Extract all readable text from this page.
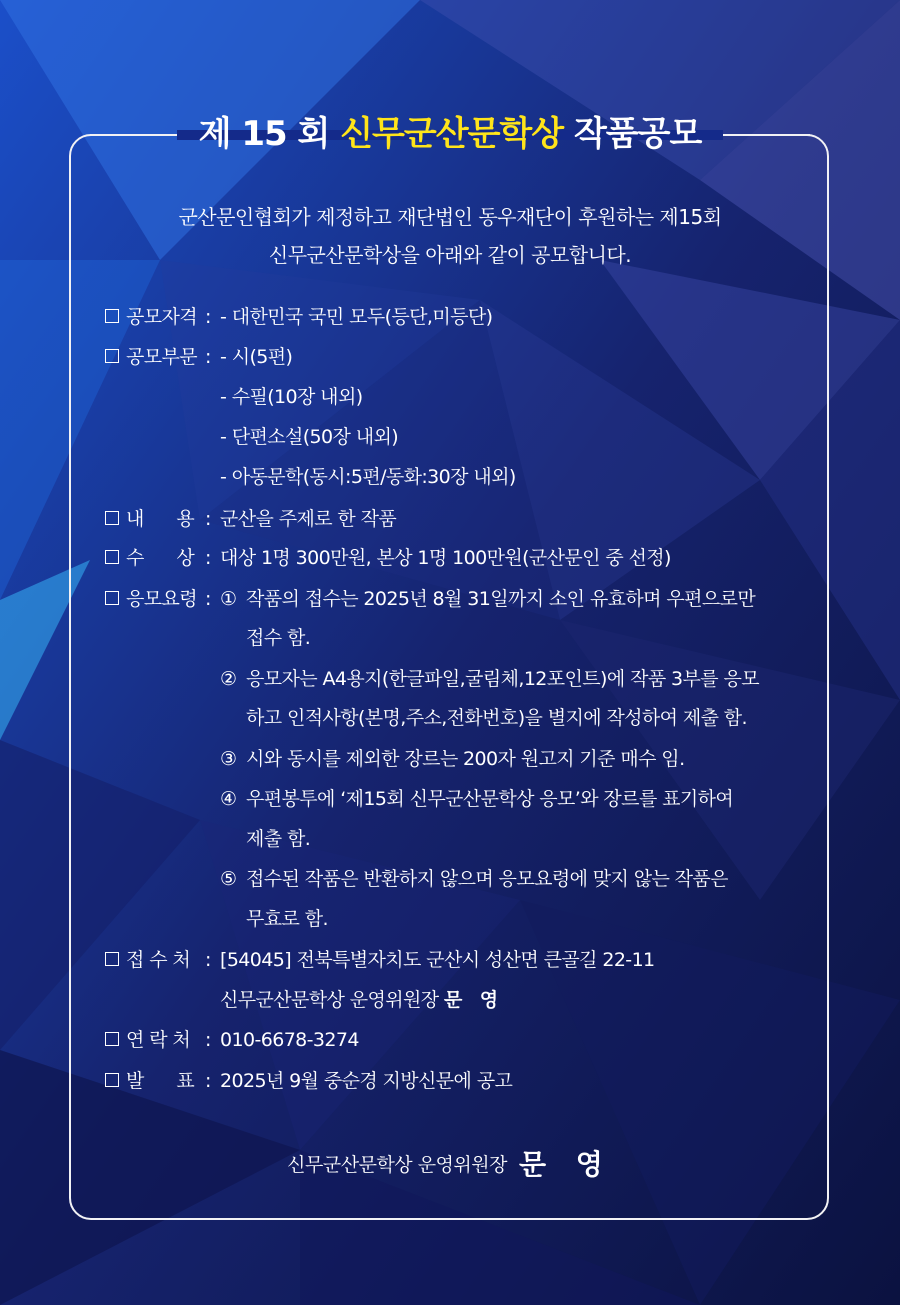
제 15 회 신무군산문학상 작품공모
군산문인협회가 제정하고 재단법인 동우재단이 후원하는 제15회
신무군산문학상을 아래와 같이 공모합니다.
공모자격 : - 대한민국 국민 모두(등단,미등단)
공모부문 : - 시(5편)
- 수필(10장 내외)
- 단편소설(50장 내외)
- 아동문학(동시:5편/동화:30장 내외)
내      용 : 군산을 주제로 한 작품
수      상 : 대상 1명 300만원, 본상 1명 100만원(군산문인 중 선정)
응모요령 : ① 작품의 접수는 2025년 8월 31일까지 소인 유효하며 우편으로만
접수 함.
② 응모자는 A4용지(한글파일,굴림체,12포인트)에 작품 3부를 응모
하고 인적사항(본명,주소,전화번호)을 별지에 작성하여 제출 함.
③ 시와 동시를 제외한 장르는 200자 원고지 기준 매수 임.
④ 우편봉투에 ‘제15회 신무군산문학상 응모’와 장르를 표기하여
제출 함.
⑤ 접수된 작품은 반환하지 않으며 응모요령에 맞지 않는 작품은
무효로 함.
접 수 처 : [54045] 전북특별자치도 군산시 성산면 큰골길 22-11
신무군산문학상 운영위원장 문   영
연 락 처 : 010-6678-3274
발      표 : 2025년 9월 중순경 지방신문에 공고
신무군산문학상 운영위원장 문 영
